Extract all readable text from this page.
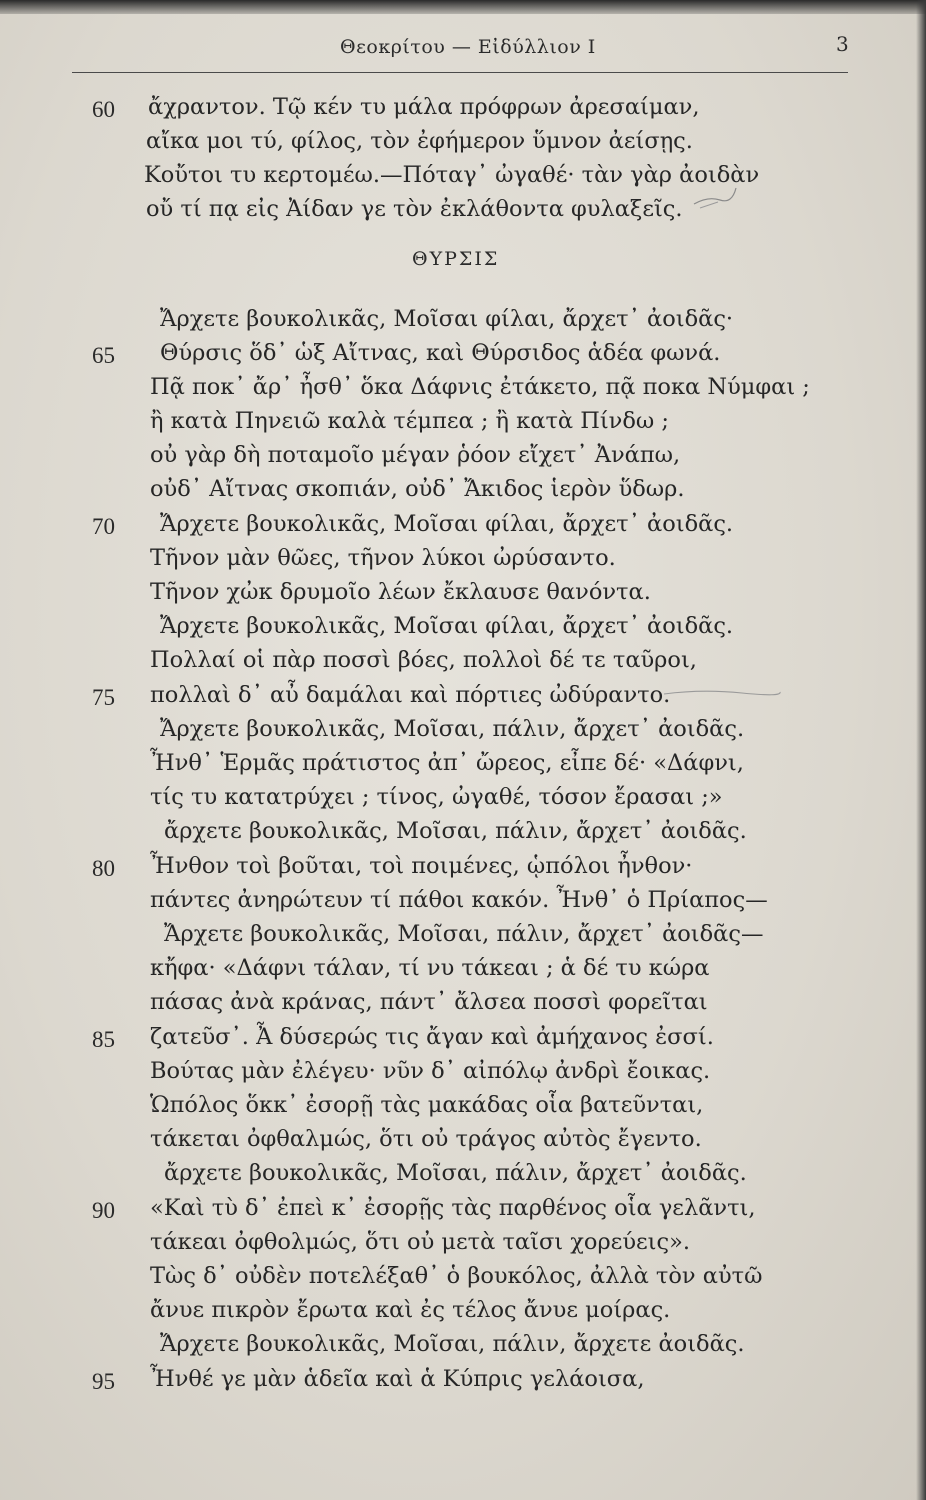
Θεοκρίτου — Εἰδύλλιον Ι	3
60
65
70
75
80
85
90
95
ἄχραντον. Τῷ κέν τυ μάλα πρόφρων ἀρεσαίμαν,
αἴκα μοι τύ, φίλος, τὸν ἐφήμερον ὕμνον ἀείσῃς.
Κοὔτοι τυ κερτομέω.—Πόταγ᾽ ὠγαθέ· τὰν γὰρ ἀοιδὰν
οὔ τί πᾳ εἰς Ἀίδαν γε τὸν ἐκλάθοντα φυλαξεῖς.
ΘΥΡΣΙΣ
Ἄρχετε βουκολικᾶς, Μοῖσαι φίλαι, ἄρχετ᾽ ἀοιδᾶς·
Θύρσις ὅδ᾽ ὡξ Αἴτνας, καὶ Θύρσιδος ἁδέα φωνά.
Πᾷ ποκ᾽ ἄρ᾽ ἦσθ᾽ ὅκα Δάφνις ἐτάκετο, πᾷ ποκα Νύμφαι ;
ἢ κατὰ Πηνειῶ καλὰ τέμπεα ; ἢ κατὰ Πίνδω ;
οὐ γὰρ δὴ ποταμοῖο μέγαν ῥόον εἴχετ᾽ Ἀνάπω,
οὐδ᾽ Αἴτνας σκοπιάν, οὐδ᾽ Ἄκιδος ἱερὸν ὕδωρ.
Ἄρχετε βουκολικᾶς, Μοῖσαι φίλαι, ἄρχετ᾽ ἀοιδᾶς.
Τῆνον μὰν θῶες, τῆνον λύκοι ὠρύσαντο.
Τῆνον χὠκ δρυμοῖο λέων ἔκλαυσε θανόντα.
Ἄρχετε βουκολικᾶς, Μοῖσαι φίλαι, ἄρχετ᾽ ἀοιδᾶς.
Πολλαί οἱ πὰρ ποσσὶ βόες, πολλοὶ δέ τε ταῦροι,
πολλαὶ δ᾽ αὖ δαμάλαι καὶ πόρτιες ὠδύραντο.
Ἄρχετε βουκολικᾶς, Μοῖσαι, πάλιν, ἄρχετ᾽ ἀοιδᾶς.
Ἦνθ᾽ Ἑρμᾶς πράτιστος ἀπ᾽ ὤρεος, εἶπε δέ· «Δάφνι,
τίς τυ κατατρύχει ; τίνος, ὠγαθέ, τόσον ἔρασαι ;»
ἄρχετε βουκολικᾶς, Μοῖσαι, πάλιν, ἄρχετ᾽ ἀοιδᾶς.
Ἦνθον τοὶ βοῦται, τοὶ ποιμένες, ᾡπόλοι ἦνθον·
πάντες ἀνηρώτευν τί πάθοι κακόν. Ἦνθ᾽ ὁ Πρίαπος—
Ἄρχετε βουκολικᾶς, Μοῖσαι, πάλιν, ἄρχετ᾽ ἀοιδᾶς—
κἤφα· «Δάφνι τάλαν, τί νυ τάκεαι ; ἁ δέ τυ κώρα
πάσας ἀνὰ κράνας, πάντ᾽ ἄλσεα ποσσὶ φορεῖται
ζατεῦσ᾽. Ἆ δύσερώς τις ἄγαν καὶ ἀμήχανος ἐσσί.
Βούτας μὰν ἐλέγευ· νῦν δ᾽ αἰπόλῳ ἀνδρὶ ἔοικας.
Ὡπόλος ὅκκ᾽ ἐσορῇ τὰς μακάδας οἷα βατεῦνται,
τάκεται ὀφθαλμώς, ὅτι οὐ τράγος αὐτὸς ἔγεντο.
ἄρχετε βουκολικᾶς, Μοῖσαι, πάλιν, ἄρχετ᾽ ἀοιδᾶς.
«Καὶ τὺ δ᾽ ἐπεὶ κ᾽ ἐσορῇς τὰς παρθένος οἷα γελᾶντι,
τάκεαι ὀφθολμώς, ὅτι οὐ μετὰ ταῖσι χορεύεις».
Τὼς δ᾽ οὐδὲν ποτελέξαθ᾽ ὁ βουκόλος, ἀλλὰ τὸν αὐτῶ
ἄνυε πικρὸν ἔρωτα καὶ ἐς τέλος ἄνυε μοίρας.
Ἄρχετε βουκολικᾶς, Μοῖσαι, πάλιν, ἄρχετε ἀοιδᾶς.
Ἦνθέ γε μὰν ἁδεῖα καὶ ἁ Κύπρις γελάοισα,
